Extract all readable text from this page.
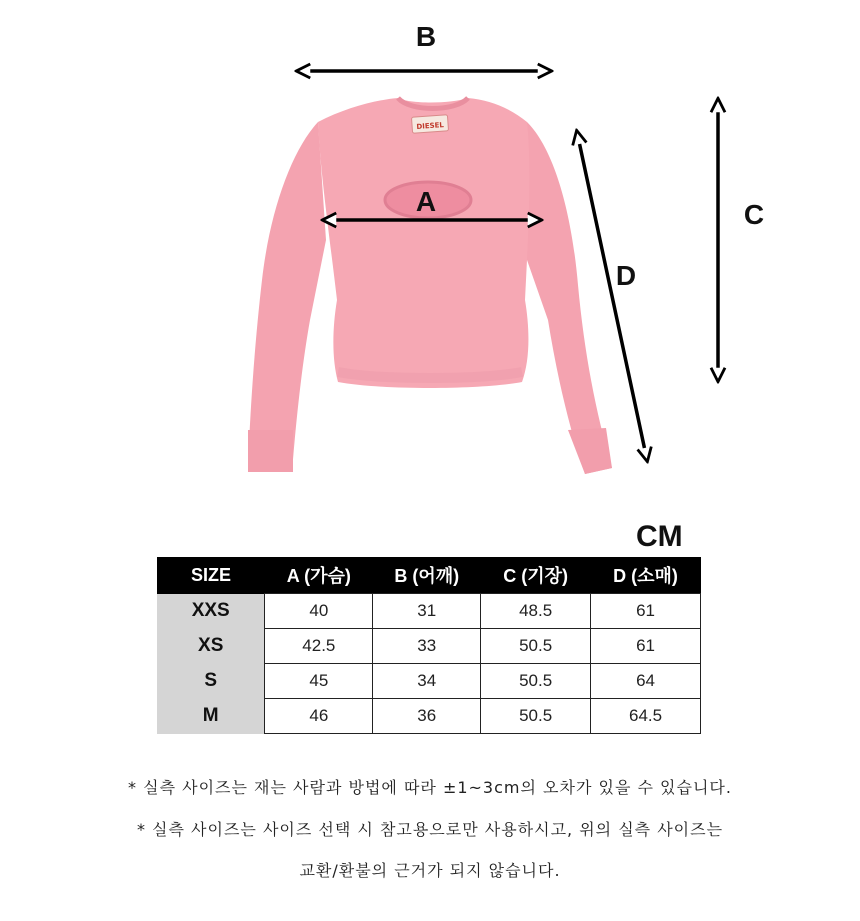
DIESEL
B
A	C
D
CM
SIZE	A (가슴)	B (어깨)	C (기장)	D (소매)
XXS	40	31	48.5	61
XS	42.5	33	50.5	61
S	45	34	50.5	64
M	46	36	50.5	64.5
* 실측 사이즈는 재는 사람과 방법에 따라 ±1~3cm의 오차가 있을 수 있습니다.
* 실측 사이즈는 사이즈 선택 시 참고용으로만 사용하시고, 위의 실측 사이즈는
교환/환불의 근거가 되지 않습니다.
